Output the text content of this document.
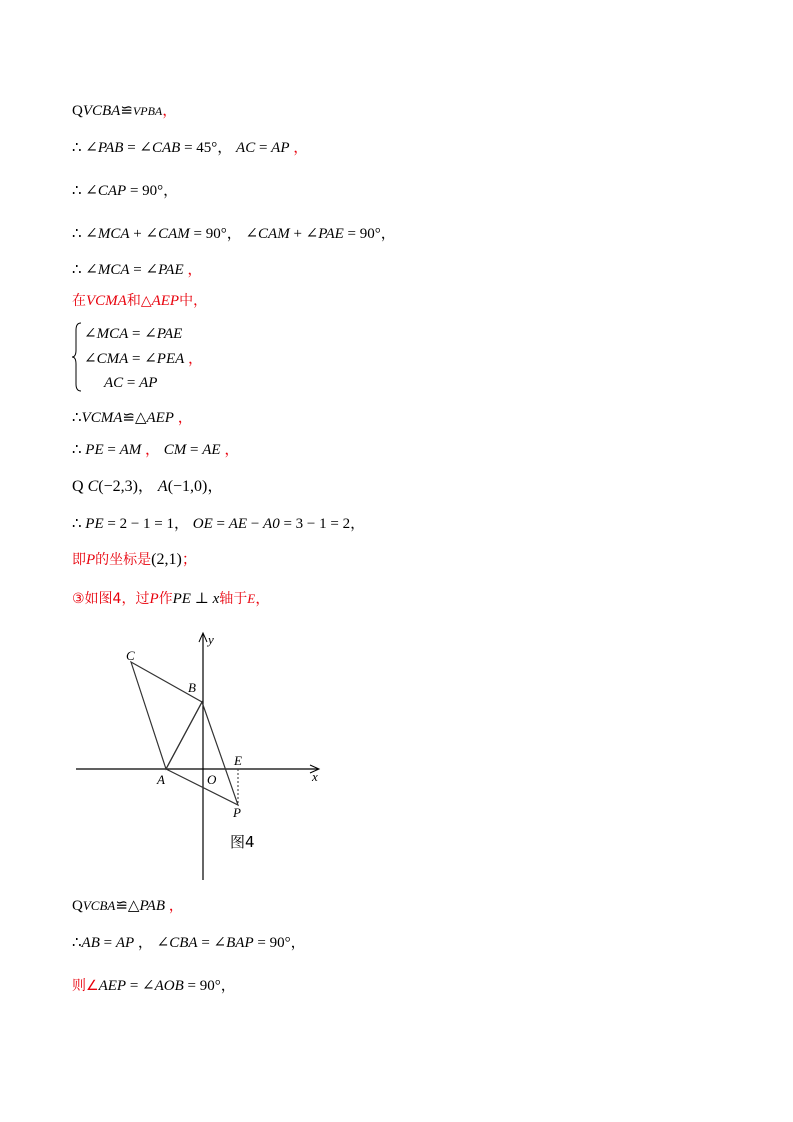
QVCBA≌VPBA，
∴ ∠PAB = ∠CAB = 45°， AC = AP ，
∴ ∠CAP = 90°，
∴ ∠MCA + ∠CAM = 90°， ∠CAM + ∠PAE = 90°，
∴ ∠MCA = ∠PAE ，
在VCMA和△AEP中，
∠MCA = ∠PAE
∠CMA = ∠PEA ，
AC = AP
∴VCMA≌△AEP ，
∴ PE = AM ， CM = AE ，
Q C(−2,3)， A(−1,0)，
∴ PE = 2 − 1 = 1， OE = AE − A0 = 3 − 1 = 2，
即P的坐标是(2,1)；
③如图4，过P作PE ⊥ x轴于E，
C
B
A	O
E
P
x
y
图4
QVCBA≌△PAB ，
∴AB = AP ， ∠CBA = ∠BAP = 90°，
则∠AEP = ∠AOB = 90°，
